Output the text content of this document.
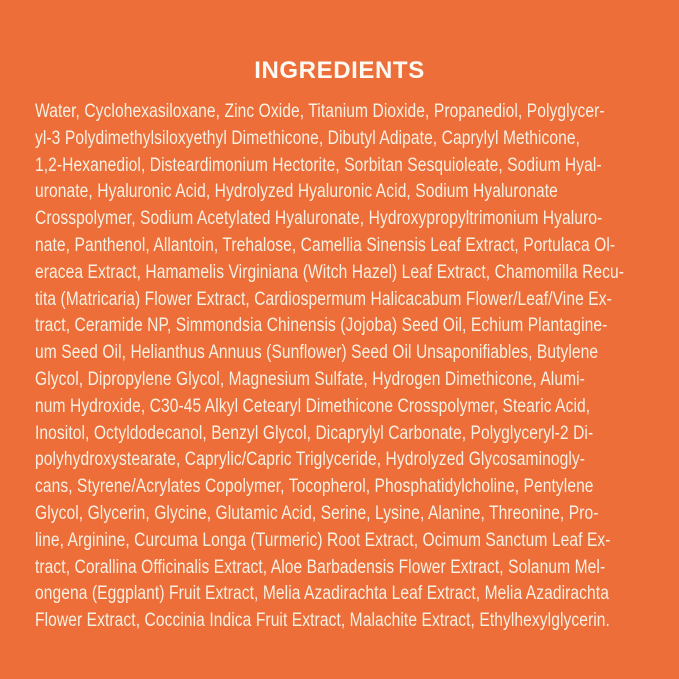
INGREDIENTS
Water, Cyclohexasiloxane, Zinc Oxide, Titanium Dioxide, Propanediol, Polyglycer-
yl-3 Polydimethylsiloxyethyl Dimethicone, Dibutyl Adipate, Caprylyl Methicone,
1,2-Hexanediol, Disteardimonium Hectorite, Sorbitan Sesquioleate, Sodium Hyal-
uronate, Hyaluronic Acid, Hydrolyzed Hyaluronic Acid, Sodium Hyaluronate
Crosspolymer, Sodium Acetylated Hyaluronate, Hydroxypropyltrimonium Hyaluro-
nate, Panthenol, Allantoin, Trehalose, Camellia Sinensis Leaf Extract, Portulaca Ol-
eracea Extract, Hamamelis Virginiana (Witch Hazel) Leaf Extract, Chamomilla Recu-
tita (Matricaria) Flower Extract, Cardiospermum Halicacabum Flower/Leaf/Vine Ex-
tract, Ceramide NP, Simmondsia Chinensis (Jojoba) Seed Oil, Echium Plantagine-
um Seed Oil, Helianthus Annuus (Sunflower) Seed Oil Unsaponifiables, Butylene
Glycol, Dipropylene Glycol, Magnesium Sulfate, Hydrogen Dimethicone, Alumi-
num Hydroxide, C30-45 Alkyl Cetearyl Dimethicone Crosspolymer, Stearic Acid,
Inositol, Octyldodecanol, Benzyl Glycol, Dicaprylyl Carbonate, Polyglyceryl-2 Di-
polyhydroxystearate, Caprylic/Capric Triglyceride, Hydrolyzed Glycosaminogly-
cans, Styrene/Acrylates Copolymer, Tocopherol, Phosphatidylcholine, Pentylene
Glycol, Glycerin, Glycine, Glutamic Acid, Serine, Lysine, Alanine, Threonine, Pro-
line, Arginine, Curcuma Longa (Turmeric) Root Extract, Ocimum Sanctum Leaf Ex-
tract, Corallina Officinalis Extract, Aloe Barbadensis Flower Extract, Solanum Mel-
ongena (Eggplant) Fruit Extract, Melia Azadirachta Leaf Extract, Melia Azadirachta
Flower Extract, Coccinia Indica Fruit Extract, Malachite Extract, Ethylhexylglycerin.
